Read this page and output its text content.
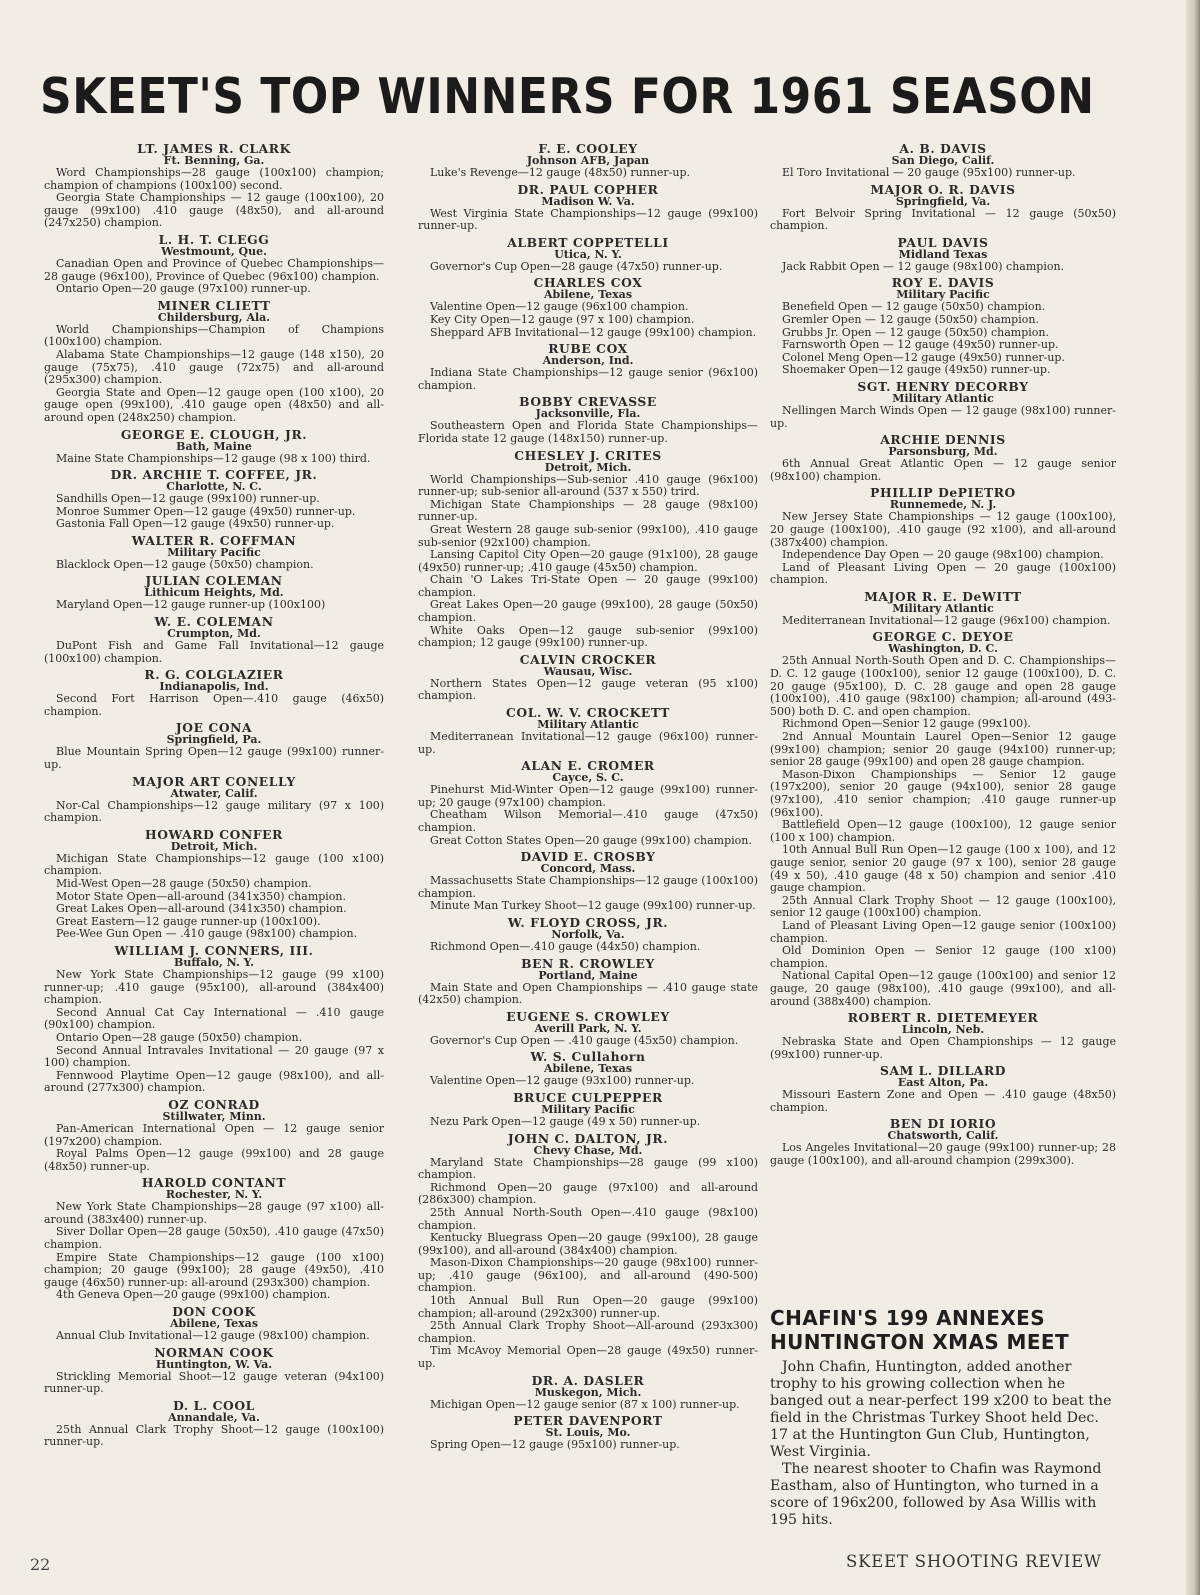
SKEET'S TOP WINNERS FOR 1961 SEASON
LT. JAMES R. CLARK
Ft. Benning, Ga.

Word Championships—28 gauge (100x100) champion; champion of champions (100x100) second.

Georgia State Championships — 12 gauge (100x100), 20 gauge (99x100) .410 gauge (48x50), and all-around (247x250) champion.

L. H. T. CLEGG
Westmount, Que.

Canadian Open and Province of Quebec Championships—28 gauge (96x100), Province of Quebec (96x100) champion.

Ontario Open—20 gauge (97x100) runner-up.

MINER CLIETT
Childersburg, Ala.

World Championships—Champion of Champions (100x100) champion.

Alabama State Championships—12 gauge (148 x150), 20 gauge (75x75), .410 gauge (72x75) and all-around (295x300) champion.

Georgia State and Open—12 gauge open (100 x100), 20 gauge open (99x100), .410 gauge open (48x50) and all-around open (248x250) champion.

GEORGE E. CLOUGH, JR.
Bath, Maine

Maine State Championships—12 gauge (98 x 100) third.

DR. ARCHIE T. COFFEE, JR.
Charlotte, N. C.

Sandhills Open—12 gauge (99x100) runner-up.

Monroe Summer Open—12 gauge (49x50) runner-up.

Gastonia Fall Open—12 gauge (49x50) runner-up.

WALTER R. COFFMAN
Military Pacific

Blacklock Open—12 gauge (50x50) champion.

JULIAN COLEMAN
Lithicum Heights, Md.

Maryland Open—12 gauge runner-up (100x100)

W. E. COLEMAN
Crumpton, Md.

DuPont Fish and Game Fall Invitational—12 gauge (100x100) champion.

R. G. COLGLAZIER
Indianapolis, Ind.

Second Fort Harrison Open—.410 gauge (46x50) champion.

JOE CONA
Springfield, Pa.

Blue Mountain Spring Open—12 gauge (99x100) runner-up.

MAJOR ART CONELLY
Atwater, Calif.

Nor-Cal Championships—12 gauge military (97 x 100) champion.

HOWARD CONFER
Detroit, Mich.

Michigan State Championships—12 gauge (100 x100) champion.

Mid-West Open—28 gauge (50x50) champion.

Motor State Open—all-around (341x350) champion.

Great Lakes Open—all-around (341x350) champion.

Great Eastern—12 gauge runner-up (100x100).

Pee-Wee Gun Open — .410 gauge (98x100) champion.

WILLIAM J. CONNERS, III.
Buffalo, N. Y.

New York State Championships—12 gauge (99 x100) runner-up; .410 gauge (95x100), all-around (384x400) champion.

Second Annual Cat Cay International — .410 gauge (90x100) champion.

Ontario Open—28 gauge (50x50) champion.

Second Annual Intravales Invitational — 20 gauge (97 x 100) champion.

Fennwood Playtime Open—12 gauge (98x100), and all-around (277x300) champion.

OZ CONRAD
Stillwater, Minn.

Pan-American International Open — 12 gauge senior (197x200) champion.

Royal Palms Open—12 gauge (99x100) and 28 gauge (48x50) runner-up.

HAROLD CONTANT
Rochester, N. Y.

New York State Championships—28 gauge (97 x100) all-around (383x400) runner-up.

Siver Dollar Open—28 gauge (50x50), .410 gauge (47x50) champion.

Empire State Championships—12 gauge (100 x100) champion; 20 gauge (99x100); 28 gauge (49x50), .410 gauge (46x50) runner-up: all-around (293x300) champion.

4th Geneva Open—20 gauge (99x100) champion.

DON COOK
Abilene, Texas

Annual Club Invitational—12 gauge (98x100) champion.

NORMAN COOK
Huntington, W. Va.

Strickling Memorial Shoot—12 gauge veteran (94x100) runner-up.

D. L. COOL
Annandale, Va.

25th Annual Clark Trophy Shoot—12 gauge (100x100) runner-up.

F. E. COOLEY
Johnson AFB, Japan

Luke's Revenge—12 gauge (48x50) runner-up.

DR. PAUL COPHER
Madison W. Va.

West Virginia State Championships—12 gauge (99x100) runner-up.

ALBERT COPPETELLI
Utica, N. Y.

Governor's Cup Open—28 gauge (47x50) runner-up.

CHARLES COX
Abilene, Texas

Valentine Open—12 gauge (96x100 champion.

Key City Open—12 gauge (97 x 100) champion.

Sheppard AFB Invitational—12 gauge (99x100) champion.

RUBE COX
Anderson, Ind.

Indiana State Championships—12 gauge senior (96x100) champion.

BOBBY CREVASSE
Jacksonville, Fla.

Southeastern Open and Florida State Championships—Florida state 12 gauge (148x150) runner-up.

CHESLEY J. CRITES
Detroit, Mich.

World Championships—Sub-senior .410 gauge (96x100) runner-up; sub-senior all-around (537 x 550) trird.

Michigan State Championships — 28 gauge (98x100) runner-up.

Great Western 28 gauge sub-senior (99x100), .410 gauge sub-senior (92x100) champion.

Lansing Capitol City Open—20 gauge (91x100), 28 gauge (49x50) runner-up; .410 gauge (45x50) champion.

Chain 'O Lakes Tri-State Open — 20 gauge (99x100) champion.

Great Lakes Open—20 gauge (99x100), 28 gauge (50x50) champion.

White Oaks Open—12 gauge sub-senior (99x100) champion; 12 gauge (99x100) runner-up.

CALVIN CROCKER
Wausau, Wisc.

Northern States Open—12 gauge veteran (95 x100) champion.

COL. W. V. CROCKETT
Military Atlantic

Mediterranean Invitational—12 gauge (96x100) runner-up.

ALAN E. CROMER
Cayce, S. C.

Pinehurst Mid-Winter Open—12 gauge (99x100) runner-up; 20 gauge (97x100) champion.

Cheatham Wilson Memorial—.410 gauge (47x50) champion.

Great Cotton States Open—20 gauge (99x100) champion.

DAVID E. CROSBY
Concord, Mass.

Massachusetts State Championships—12 gauge (100x100) champion.

Minute Man Turkey Shoot—12 gauge (99x100) runner-up.

W. FLOYD CROSS, JR.
Norfolk, Va.

Richmond Open—.410 gauge (44x50) champion.

BEN R. CROWLEY
Portland, Maine

Main State and Open Championships — .410 gauge state (42x50) champion.

EUGENE S. CROWLEY
Averill Park, N. Y.

Governor's Cup Open — .410 gauge (45x50) champion.

W. S. Cullahorn
Abilene, Texas

Valentine Open—12 gauge (93x100) runner-up.

BRUCE CULPEPPER
Military Pacific

Nezu Park Open—12 gauge (49 x 50) runner-up.

JOHN C. DALTON, JR.
Chevy Chase, Md.

Maryland State Championships—28 gauge (99 x100) champion.

Richmond Open—20 gauge (97x100) and all-around (286x300) champion.

25th Annual North-South Open—.410 gauge (98x100) champion.

Kentucky Bluegrass Open—20 gauge (99x100), 28 gauge (99x100), and all-around (384x400) champion.

Mason-Dixon Championships—20 gauge (98x100) runner-up; .410 gauge (96x100), and all-around (490-500) champion.

10th Annual Bull Run Open—20 gauge (99x100) champion; all-around (292x300) runner-up.

25th Annual Clark Trophy Shoot—All-around (293x300) champion.

Tim McAvoy Memorial Open—28 gauge (49x50) runner-up.

DR. A. DASLER
Muskegon, Mich.

Michigan Open—12 gauge senior (87 x 100) runner-up.

PETER DAVENPORT
St. Louis, Mo.

Spring Open—12 gauge (95x100) runner-up.

A. B. DAVIS
San Diego, Calif.

El Toro Invitational — 20 gauge (95x100) runner-up.

MAJOR O. R. DAVIS
Springfield, Va.

Fort Belvoir Spring Invitational — 12 gauge (50x50) champion.

PAUL DAVIS
Midland Texas

Jack Rabbit Open — 12 gauge (98x100) champion.

ROY E. DAVIS
Military Pacific

Benefield Open — 12 gauge (50x50) champion.

Gremler Open — 12 gauge (50x50) champion.

Grubbs Jr. Open — 12 gauge (50x50) champion.

Farnsworth Open — 12 gauge (49x50) runner-up.

Colonel Meng Open—12 gauge (49x50) runner-up.

Shoemaker Open—12 gauge (49x50) runner-up.

SGT. HENRY DECORBY
Military Atlantic

Nellingen March Winds Open — 12 gauge (98x100) runner-up.

ARCHIE DENNIS
Parsonsburg, Md.

6th Annual Great Atlantic Open — 12 gauge senior (98x100) champion.

PHILLIP DePIETRO
Runnemede, N. J.

New Jersey State Championships — 12 gauge (100x100), 20 gauge (100x100), .410 gauge (92 x100), and all-around (387x400) champion.

Independence Day Open — 20 gauge (98x100) champion.

Land of Pleasant Living Open — 20 gauge (100x100) champion.

MAJOR R. E. DeWITT
Military Atlantic

Mediterranean Invitational—12 gauge (96x100) champion.

GEORGE C. DEYOE
Washington, D. C.

25th Annual North-South Open and D. C. Championships—D. C. 12 gauge (100x100), senior 12 gauge (100x100), D. C. 20 gauge (95x100), D. C. 28 gauge and open 28 gauge (100x100), .410 gauge (98x100) champion; all-around (493-500) both D. C. and open champion.

Richmond Open—Senior 12 gauge (99x100).

2nd Annual Mountain Laurel Open—Senior 12 gauge (99x100) champion; senior 20 gauge (94x100) runner-up; senior 28 gauge (99x100) and open 28 gauge champion.

Mason-Dixon Championships — Senior 12 gauge (197x200), senior 20 gauge (94x100), senior 28 gauge (97x100), .410 senior champion; .410 gauge runner-up (96x100).

Battlefield Open—12 gauge (100x100), 12 gauge senior (100 x 100) champion.

10th Annual Bull Run Open—12 gauge (100 x 100), and 12 gauge senior, senior 20 gauge (97 x 100), senior 28 gauge (49 x 50), .410 gauge (48 x 50) champion and senior .410 gauge champion.

25th Annual Clark Trophy Shoot — 12 gauge (100x100), senior 12 gauge (100x100) champion.

Land of Pleasant Living Open—12 gauge senior (100x100) champion.

Old Dominion Open — Senior 12 gauge (100 x100) champion.

National Capital Open—12 gauge (100x100) and senior 12 gauge, 20 gauge (98x100), .410 gauge (99x100), and all-around (388x400) champion.

ROBERT R. DIETEMEYER
Lincoln, Neb.

Nebraska State and Open Championships — 12 gauge (99x100) runner-up.

SAM L. DILLARD
East Alton, Pa.

Missouri Eastern Zone and Open — .410 gauge (48x50) champion.

BEN DI IORIO
Chatsworth, Calif.

Los Angeles Invitational—20 gauge (99x100) runner-up; 28 gauge (100x100), and all-around champion (299x300).

CHAFIN'S 199 ANNEXES
HUNTINGTON XMAS MEET

John Chafin, Huntington, added another trophy to his growing collection when he banged out a near-perfect 199 x200 to beat the field in the Christmas Turkey Shoot held Dec. 17 at the Huntington Gun Club, Huntington, West Virginia.

The nearest shooter to Chafin was Raymond Eastham, also of Huntington, who turned in a score of 196x200, followed by Asa Willis with 195 hits.

22	SKEET SHOOTING REVIEW
